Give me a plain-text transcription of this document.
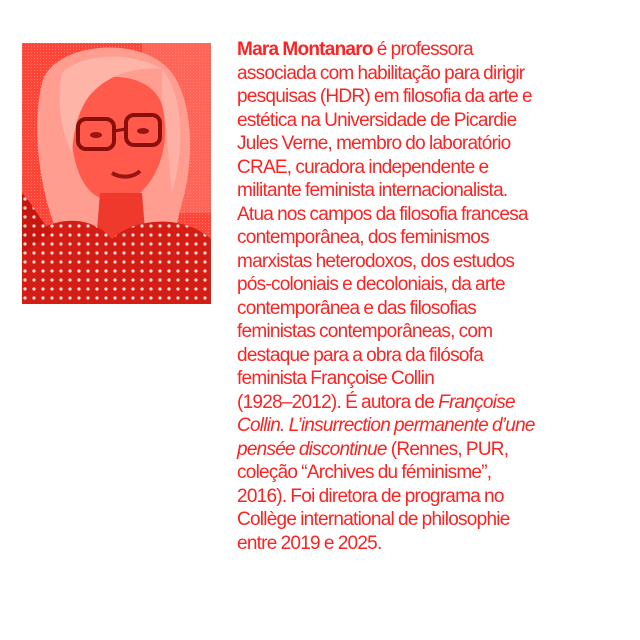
Mara Montanaro é professora
associada com habilitação para dirigir
pesquisas (HDR) em filosofia da arte e
estética na Universidade de Picardie
Jules Verne, membro do laboratório
CRAE, curadora independente e
militante feminista internacionalista.
Atua nos campos da filosofia francesa
contemporânea, dos feminismos
marxistas heterodoxos, dos estudos
pós-coloniais e decoloniais, da arte
contemporânea e das filosofias
feministas contemporâneas, com
destaque para a obra da filósofa
feminista Françoise Collin
(1928–2012). É autora de Françoise
Collin. L’insurrection permanente d’une
pensée discontinue (Rennes, PUR,
coleção “Archives du féminisme”,
2016). Foi diretora de programa no
Collège international de philosophie
entre 2019 e 2025.
